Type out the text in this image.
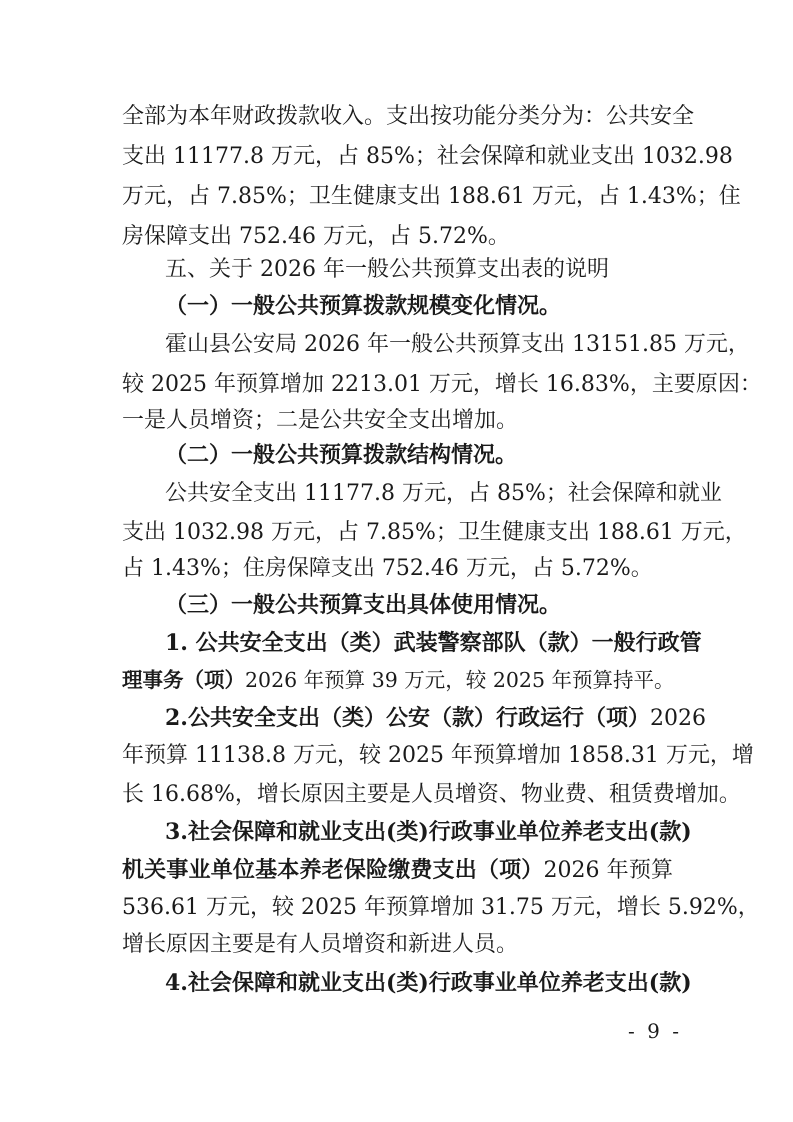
全部为本年财政拨款收入。支出按功能分类分为：公共安全
支出 11177.8 万元，占 85%；社会保障和就业支出 1032.98
万元，占 7.85%；卫生健康支出 188.61 万元，占 1.43%；住
房保障支出 752.46 万元，占 5.72%。
五、关于 2026 年一般公共预算支出表的说明
（一）一般公共预算拨款规模变化情况。
霍山县公安局 2026 年一般公共预算支出 13151.85 万元，
较 2025 年预算增加 2213.01 万元，增长 16.83%，主要原因：
一是人员增资；二是公共安全支出增加。
（二）一般公共预算拨款结构情况。
公共安全支出 11177.8 万元，占 85%；社会保障和就业
支出 1032.98 万元，占 7.85%；卫生健康支出 188.61 万元，
占 1.43%；住房保障支出 752.46 万元，占 5.72%。
（三）一般公共预算支出具体使用情况。
1. 公共安全支出（类）武装警察部队（款）一般行政管
理事务（项）2026 年预算 39 万元，较 2025 年预算持平。
2.公共安全支出（类）公安（款）行政运行（项）2026
年预算 11138.8 万元，较 2025 年预算增加 1858.31 万元，增
长 16.68%，增长原因主要是人员增资、物业费、租赁费增加。
3.社会保障和就业支出(类)行政事业单位养老支出(款)
机关事业单位基本养老保险缴费支出（项）2026 年预算
536.61 万元，较 2025 年预算增加 31.75 万元，增长 5.92%，
增长原因主要是有人员增资和新进人员。
4.社会保障和就业支出(类)行政事业单位养老支出(款)
- 9 -
